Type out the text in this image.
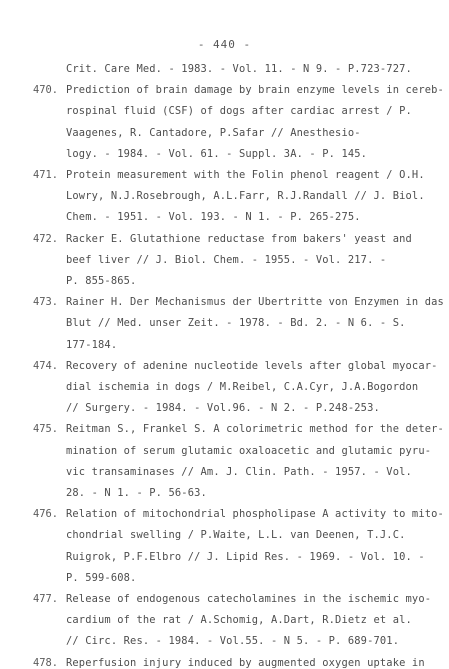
- 440 -
Crit. Care Med. - 1983. - Vol. 11. - N 9. - P.723-727.
470. Prediction of brain damage by brain enzyme levels in cereb-
rospinal fluid (CSF) of dogs after cardiac arrest / P.
Vaagenes, R. Cantadore, P.Safar // Anesthesio-
logy. - 1984. - Vol. 61. - Suppl. 3A. - P. 145.
471. Protein measurement with the Folin phenol reagent / O.H.
Lowry, N.J.Rosebrough, A.L.Farr, R.J.Randall // J. Biol.
Chem. - 1951. - Vol. 193. - N 1. - P. 265-275.
472. Racker E. Glutathione reductase from bakers' yeast and
beef liver // J. Biol. Chem. - 1955. - Vol. 217. -
P. 855-865.
473. Rainer H. Der Mechanismus der Ubertritte von Enzymen in das
Blut // Med. unser Zeit. - 1978. - Bd. 2. - N 6. - S.
177-184.
474. Recovery of adenine nucleotide levels after global myocar-
dial ischemia in dogs / M.Reibel, C.A.Cyr, J.A.Bogordon
// Surgery. - 1984. - Vol.96. - N 2. - P.248-253.
475. Reitman S., Frankel S. A colorimetric method for the deter-
mination of serum glutamic oxaloacetic and glutamic pyru-
vic transaminases // Am. J. Clin. Path. - 1957. - Vol.
28. - N 1. - P. 56-63.
476. Relation of mitochondrial phospholipase A activity to mito-
chondrial swelling / P.Waite, L.L. van Deenen, T.J.C.
Ruigrok, P.F.Elbro // J. Lipid Res. - 1969. - Vol. 10. -
P. 599-608.
477. Release of endogenous catecholamines in the ischemic myo-
cardium of the rat / A.Schomig, A.Dart, R.Dietz et al.
// Circ. Res. - 1984. - Vol.55. - N 5. - P. 689-701.
478. Reperfusion injury induced by augmented oxygen uptake in
